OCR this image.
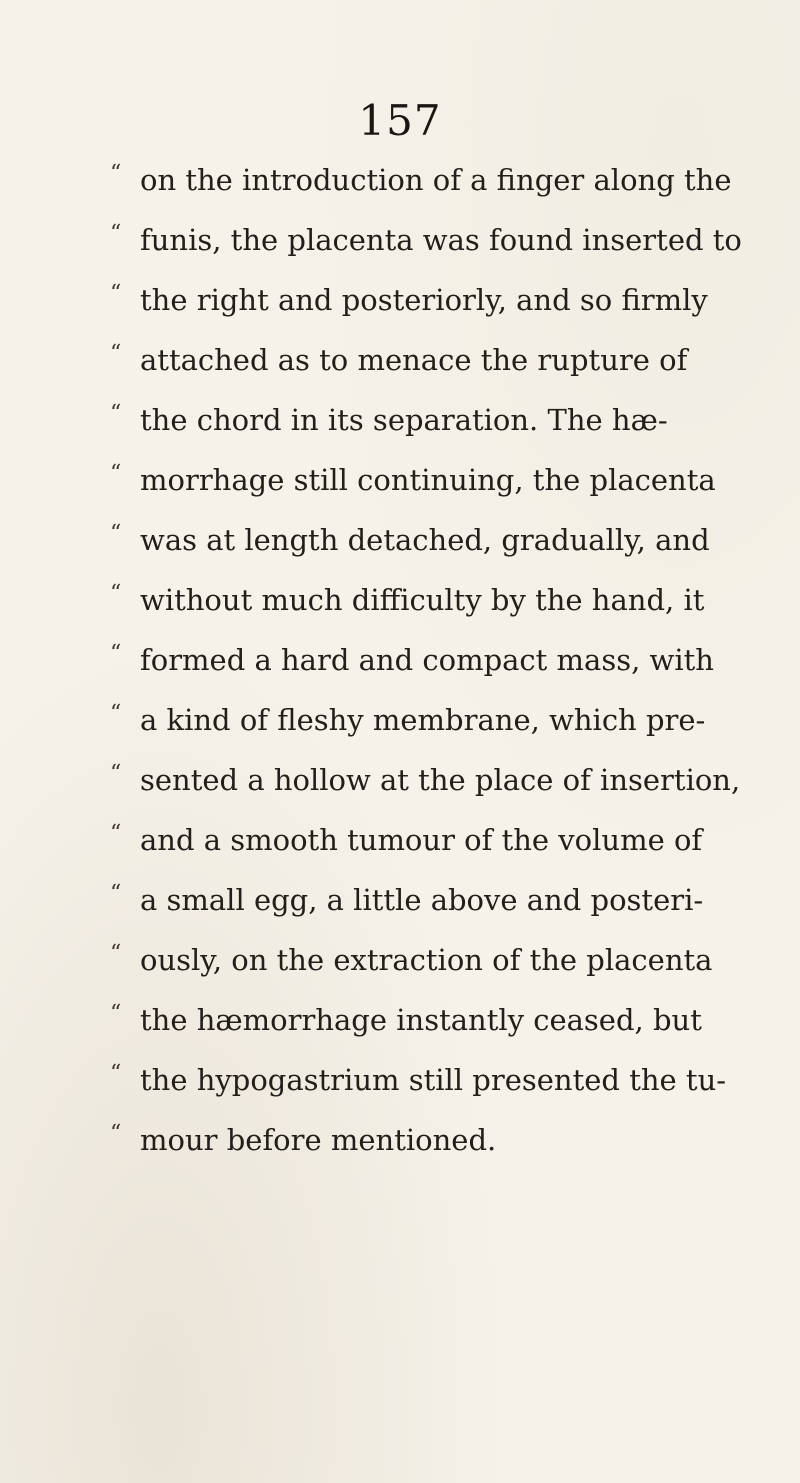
157
“ on the introduction of a finger along the
“ funis, the placenta was found inserted to
“ the right and posteriorly, and so firmly
“ attached as to menace the rupture of
“ the chord in its separation. The hæ-
“ morrhage still continuing, the placenta
“ was at length detached, gradually, and
“ without much difficulty by the hand, it
“ formed a hard and compact mass, with
“ a kind of fleshy membrane, which pre-
“ sented a hollow at the place of insertion,
“ and a smooth tumour of the volume of
“ a small egg, a little above and posteri-
“ ously, on the extraction of the placenta
“ the hæmorrhage instantly ceased, but
“ the hypogastrium still presented the tu-
“ mour before mentioned.
